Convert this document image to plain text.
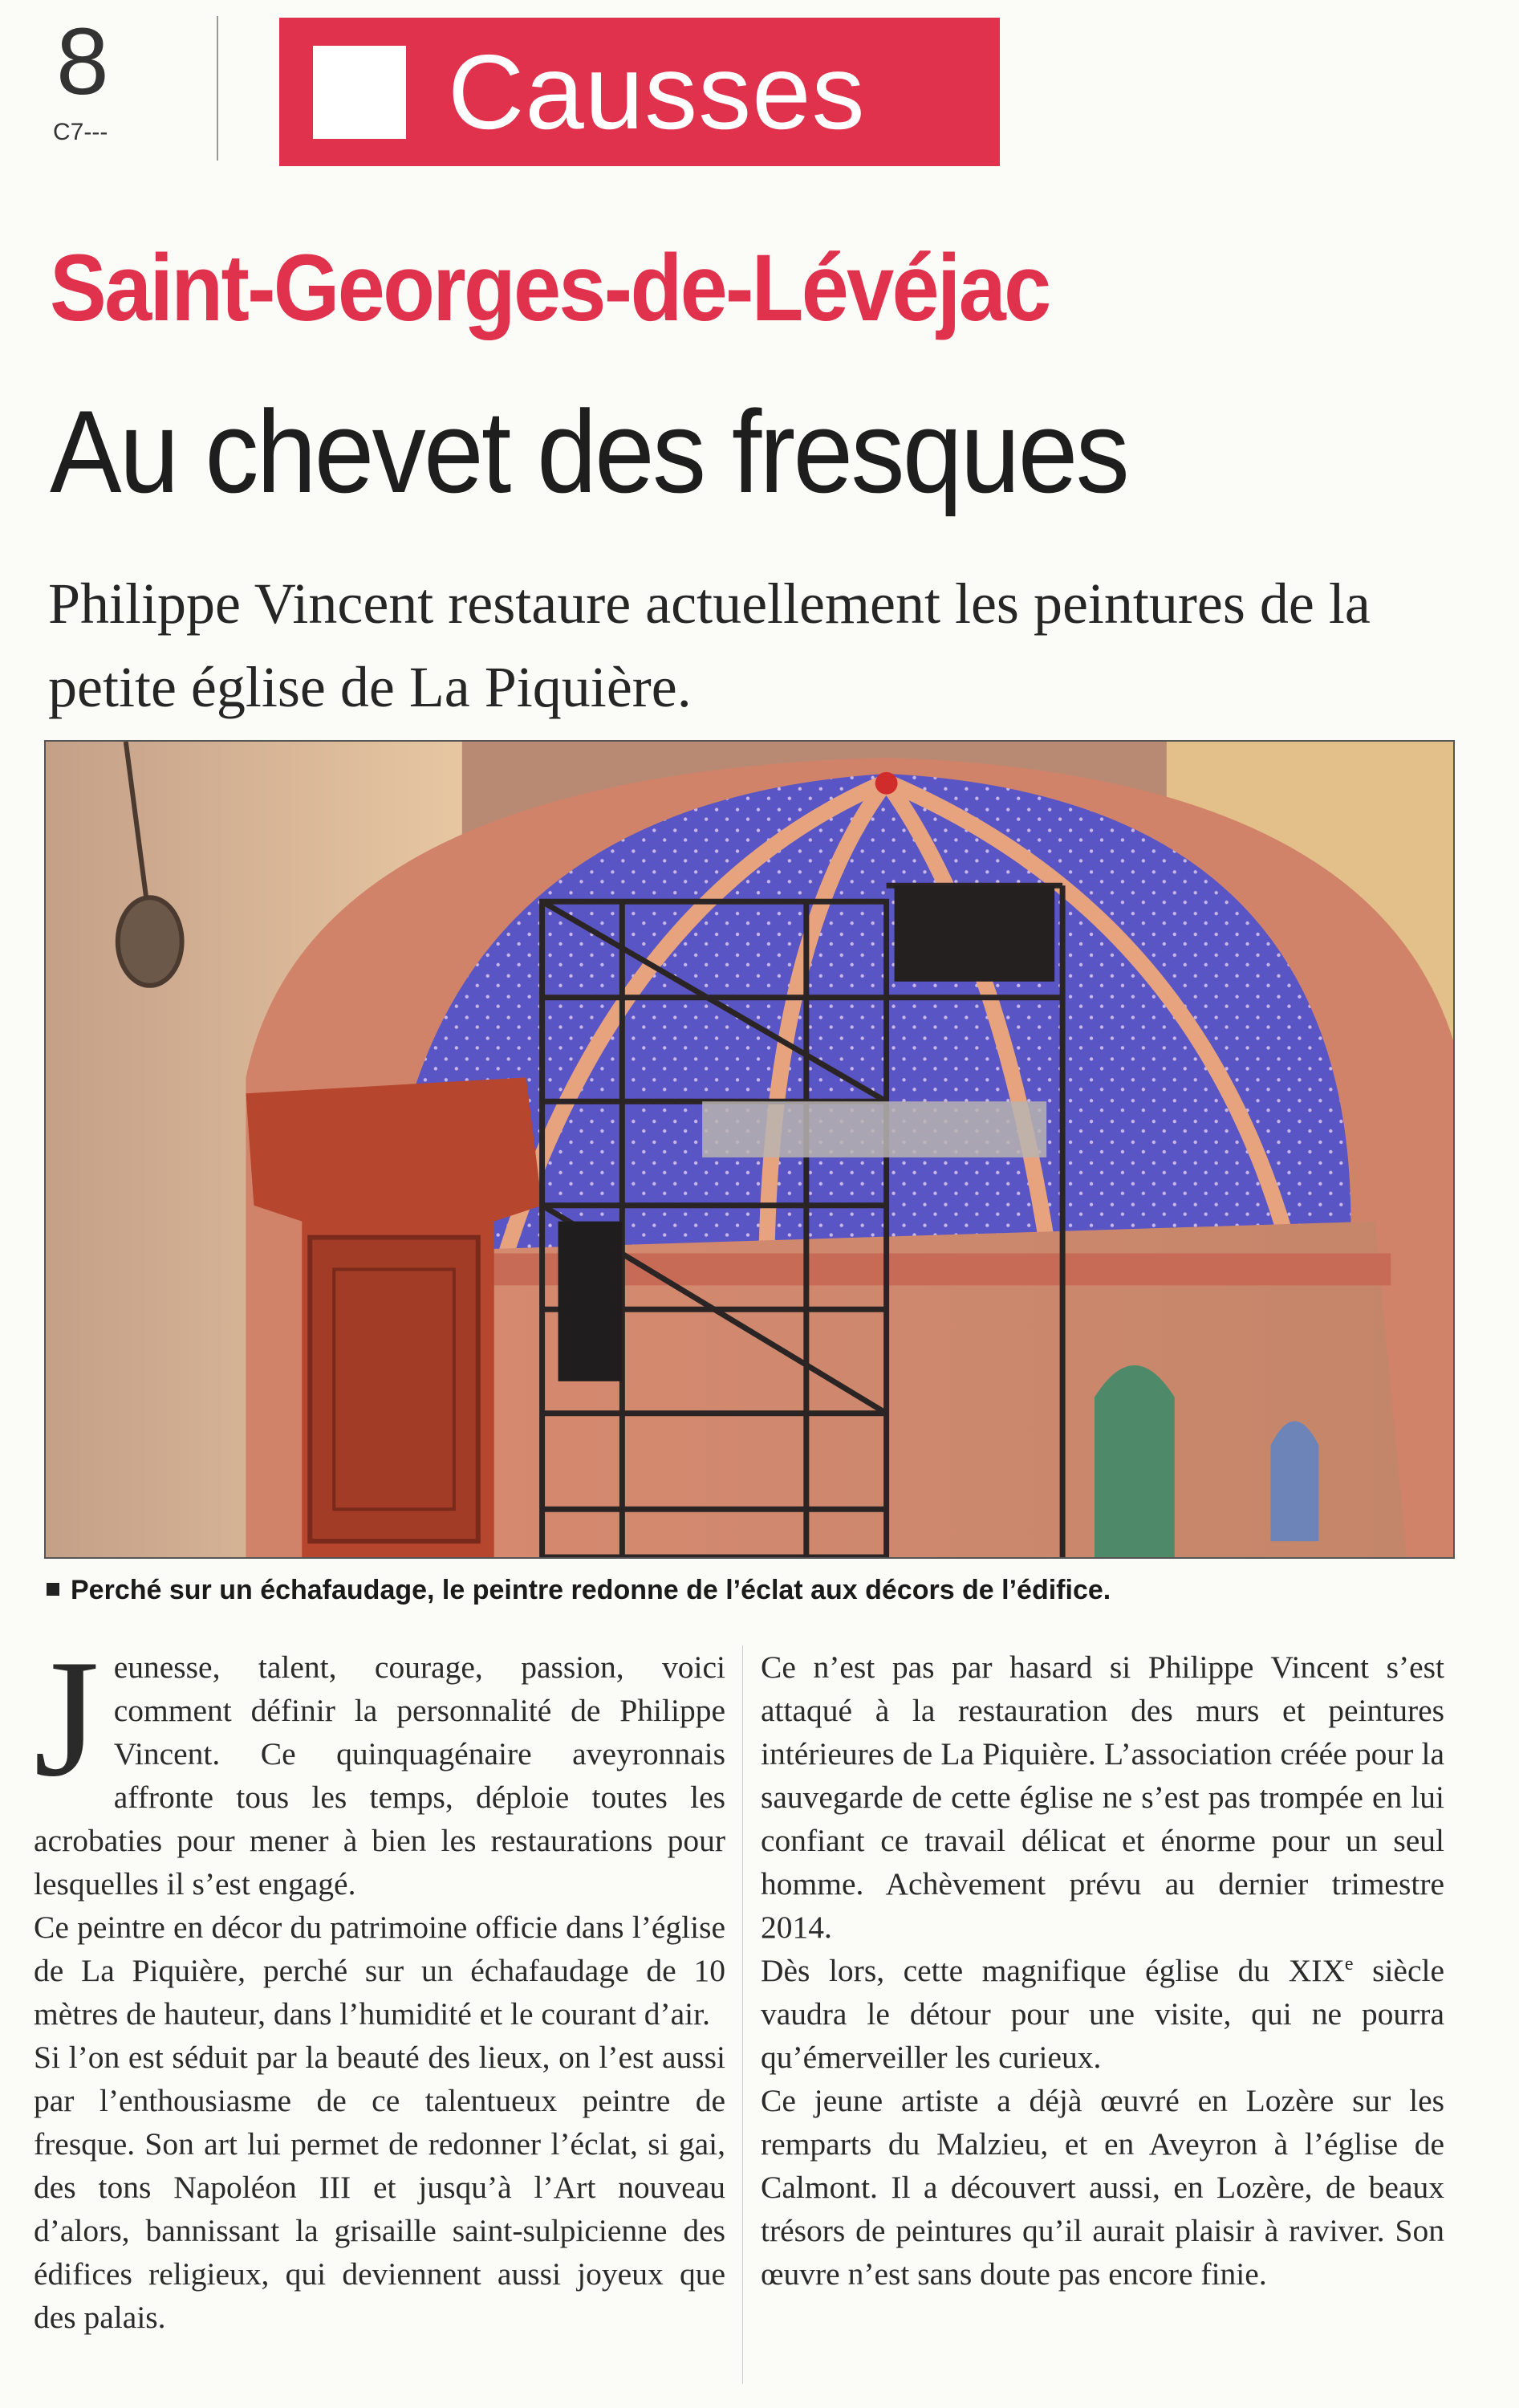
8
C7---	Causses
Saint-Georges-de-Lévéjac
Au chevet des fresques
Philippe Vincent restaure actuellement les peintures de la petite église de La Piquière.
Perché sur un échafaudage, le peintre redonne de l’éclat aux décors de l’édifice.
J eunesse, talent, courage, passion, voici comment définir la personnalité de Philippe Vincent. Ce quinquagénaire aveyronnais affronte tous les temps, déploie toutes les acrobaties pour mener à bien les restaurations pour lesquelles il s’est engagé.

Ce peintre en décor du patrimoine officie dans l’église de La Piquière, perché sur un échafaudage de 10 mètres de hauteur, dans l’humidité et le courant d’air.

Si l’on est séduit par la beauté des lieux, on l’est aussi par l’enthousiasme de ce talentueux peintre de fresque. Son art lui permet de redonner l’éclat, si gai, des tons Napoléon III et jusqu’à l’Art nouveau d’alors, bannissant la grisaille saint-sulpicienne des édifices religieux, qui deviennent aussi joyeux que des palais.

Ce n’est pas par hasard si Philippe Vincent s’est attaqué à la restauration des murs et peintures intérieures de La Piquière. L’association créée pour la sauvegarde de cette église ne s’est pas trompée en lui confiant ce travail délicat et énorme pour un seul homme. Achèvement prévu au dernier trimestre 2014.

Dès lors, cette magnifique église du XIXe siècle vaudra le détour pour une visite, qui ne pourra qu’émerveiller les curieux.

Ce jeune artiste a déjà œuvré en Lozère sur les remparts du Malzieu, et en Aveyron à l’église de Calmont. Il a découvert aussi, en Lozère, de beaux trésors de peintures qu’il aurait plaisir à raviver. Son œuvre n’est sans doute pas encore finie.
